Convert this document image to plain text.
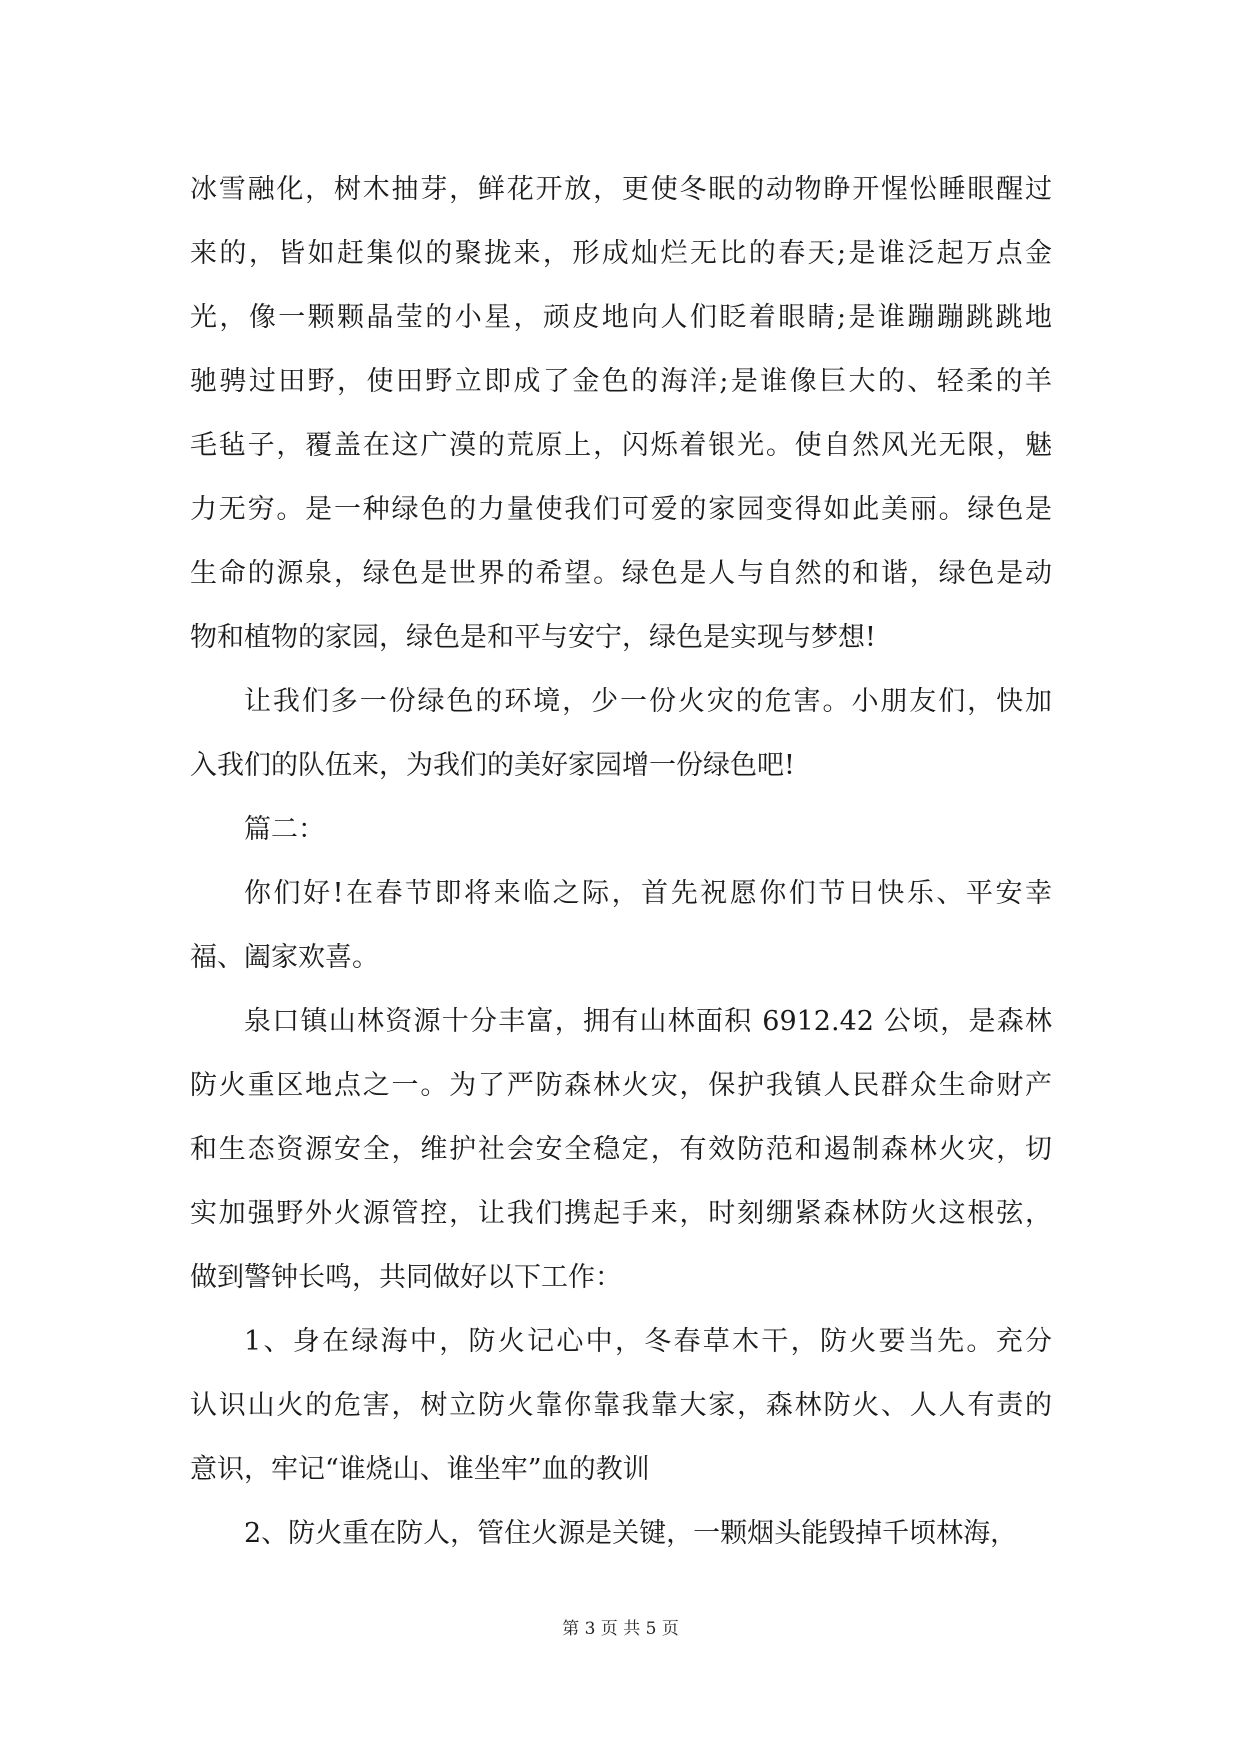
冰雪融化，树木抽芽，鲜花开放，更使冬眠的动物睁开惺忪睡眼醒过
来的，皆如赶集似的聚拢来，形成灿烂无比的春天;是谁泛起万点金
光，像一颗颗晶莹的小星，顽皮地向人们眨着眼睛;是谁蹦蹦跳跳地
驰骋过田野，使田野立即成了金色的海洋;是谁像巨大的、轻柔的羊
毛毡子，覆盖在这广漠的荒原上，闪烁着银光。使自然风光无限，魅
力无穷。是一种绿色的力量使我们可爱的家园变得如此美丽。绿色是
生命的源泉，绿色是世界的希望。绿色是人与自然的和谐，绿色是动
物和植物的家园，绿色是和平与安宁，绿色是实现与梦想!
让我们多一份绿色的环境，少一份火灾的危害。小朋友们，快加
入我们的队伍来，为我们的美好家园增一份绿色吧!
篇二：
你们好!在春节即将来临之际，首先祝愿你们节日快乐、平安幸
福、阖家欢喜。
泉口镇山林资源十分丰富，拥有山林面积 6912.42 公顷，是森林
防火重区地点之一。为了严防森林火灾，保护我镇人民群众生命财产
和生态资源安全，维护社会安全稳定，有效防范和遏制森林火灾，切
实加强野外火源管控，让我们携起手来，时刻绷紧森林防火这根弦，
做到警钟长鸣，共同做好以下工作：
1、身在绿海中，防火记心中，冬春草木干，防火要当先。充分
认识山火的危害，树立防火靠你靠我靠大家，森林防火、人人有责的
意识，牢记“谁烧山、谁坐牢”血的教训
2、防火重在防人，管住火源是关键，一颗烟头能毁掉千顷林海，
第 3 页 共 5 页
